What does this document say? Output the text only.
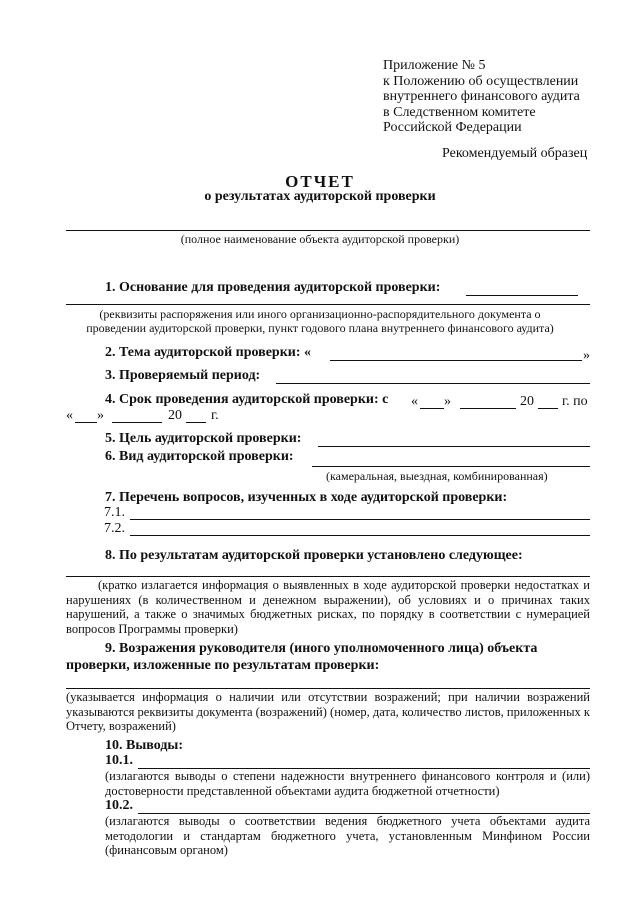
Приложение № 5
к Положению об осуществлении
внутреннего финансового аудита
в Следственном комитете
Российской Федерации
Рекомендуемый образец
ОТЧЕТ
о результатах аудиторской проверки
(полное наименование объекта аудиторской проверки)
1. Основание для проведения аудиторской проверки:
(реквизиты распоряжения или иного организационно-распорядительного документа о
проведении аудиторской проверки, пункт годового плана внутреннего финансового аудита)
2. Тема аудиторской проверки: «	»
3. Проверяемый период:
4. Срок проведения аудиторской проверки: с « »	20 г. по
« »	20 г.
5. Цель аудиторской проверки:
6. Вид аудиторской проверки:
(камеральная, выездная, комбинированная)
7. Перечень вопросов, изученных в ходе аудиторской проверки:
7.1.
7.2.
8. По результатам аудиторской проверки установлено следующее:
(кратко излагается информация о выявленных в ходе аудиторской проверки недостатках и нарушениях (в количественном и денежном выражении), об условиях и о причинах таких нарушений, а также о значимых бюджетных рисках, по порядку в соответствии с нумерацией вопросов Программы проверки)
9. Возражения руководителя (иного уполномоченного лица) объекта
проверки, изложенные по результатам проверки:
(указывается информация о наличии или отсутствии возражений; при наличии возражений указываются реквизиты документа (возражений) (номер, дата, количество листов, приложенных к Отчету, возражений)
10. Выводы:
10.1.
(излагаются выводы о степени надежности внутреннего финансового контроля и (или) достоверности представленной объектами аудита бюджетной отчетности)
10.2.
(излагаются выводы о соответствии ведения бюджетного учета объектами аудита методологии и стандартам бюджетного учета, установленным Минфином России (финансовым органом)
